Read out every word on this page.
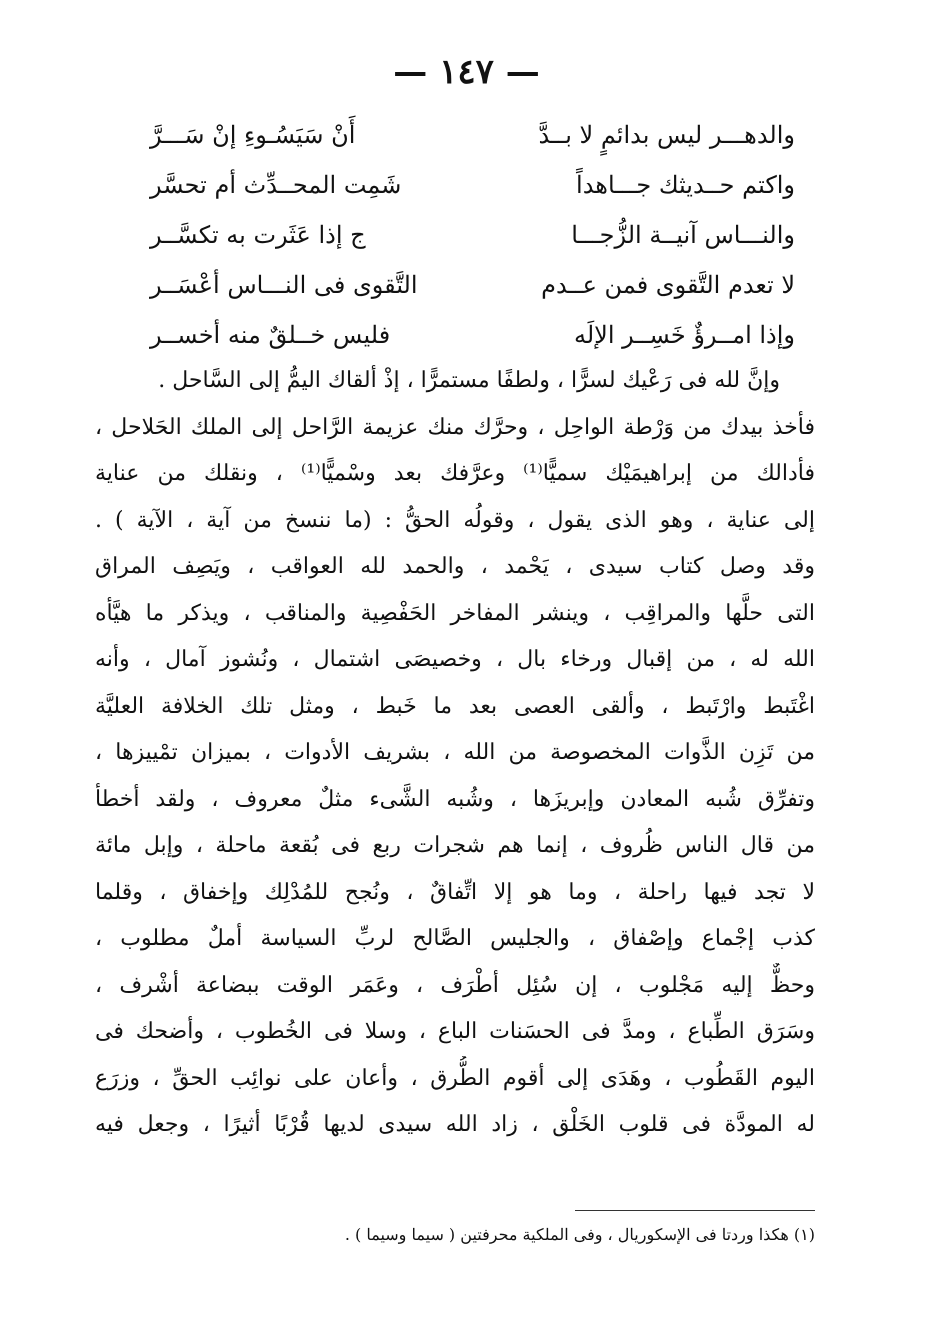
— ١٤٧ —
والدهـــر ليس بدائمٍ لا بــدَّ
أَنْ سَيَسُـوءِ إنْ سَـــرَّ
واكتم حــديثك جـــاهداً
شَمِت المحــدِّث أم تحسَّر
والنـــاس آنيــة الزُّجـــا
ج إذا عَثَرت به تكسَّــر
لا تعدم التَّقوى فمن عــدم
التَّقوى فى النـــاس أعْسَــر
وإذا امــرؤٌ خَسِــر الإلَه
فليس خــلقٌ منه أخســر
وإنَّ لله فى رَعْيك لسرًّا ، ولطفًا مستمرًّا ، إذْ ألقاك اليمُّ إلى السَّاحل .
فأخذ بيدك من وَرْطة الواحِل ، وحرَّك منك عزيمة الرَّاحل إلى الملك الحَلاحل ،
فأدالك من إبراهيمَيْك سميًّا⁽¹⁾ وعرَّفك بعد وسْميًّا⁽¹⁾ ، ونقلك من عناية
إلى عناية ، وهو الذى يقول ، وقولُه الحقُّ : (ما ننسخ من آية ، الآية ) .
وقد وصل كتاب سيدى ، يَحْمد ، والحمد لله العواقب ، ويَصِف المراق
التى حلَّها والمراقِب ، وينشر المفاخر الحَفْصِية والمناقب ، ويذكر ما هيَّأه
الله له ، من إقبال ورخاء بال ، وخصيصَى اشتمال ، ونُشوز آمال ، وأنه
اغْتَبط وارْتَبط ، وألقى العصى بعد ما خَبط ، ومثل تلك الخلافة العليَّة
من تَزِن الذَّوات المخصوصة من الله ، بشريف الأدوات ، بميزان تمْييزها ،
وتفرِّق شُبه المعادن وإبريزَها ، وشُبه الشَّىء مثلٌ معروف ، ولقد أخطأ
من قال الناس ظُروف ، إنما هم شجرات ربع فى بُقعة ماحلة ، وإبل مائة
لا تجد فيها راحلة ، وما هو إلا اتِّفاقٌ ، ونُجح للمُدْلِك وإخفاق ، وقلما
كذب إجْماع وإصْفاق ، والجليس الصَّالح لربِّ السياسة أملٌ مطلوب ،
وحظٌّ إليه مَجْلوب ، إن سُئِل أطْرَف ، وعَمَر الوقت ببضاعة أشْرف ،
وسَرَق الطِّباع ، ومدَّ فى الحسَنات الباع ، وسلا فى الخُطوب ، وأضحك فى
اليوم القَطُوب ، وهَدَى إلى أقوم الطُّرق ، وأعان على نوائِب الحقِّ ، وزرَع
له المودَّة فى قلوب الخَلْق ، زاد الله سيدى لديها قُرْبًا أثيرًا ، وجعل فيه
(١) هكذا وردتا فى الإسكوريال ، وفى الملكية محرفتين ( سيما وسيما ) .
